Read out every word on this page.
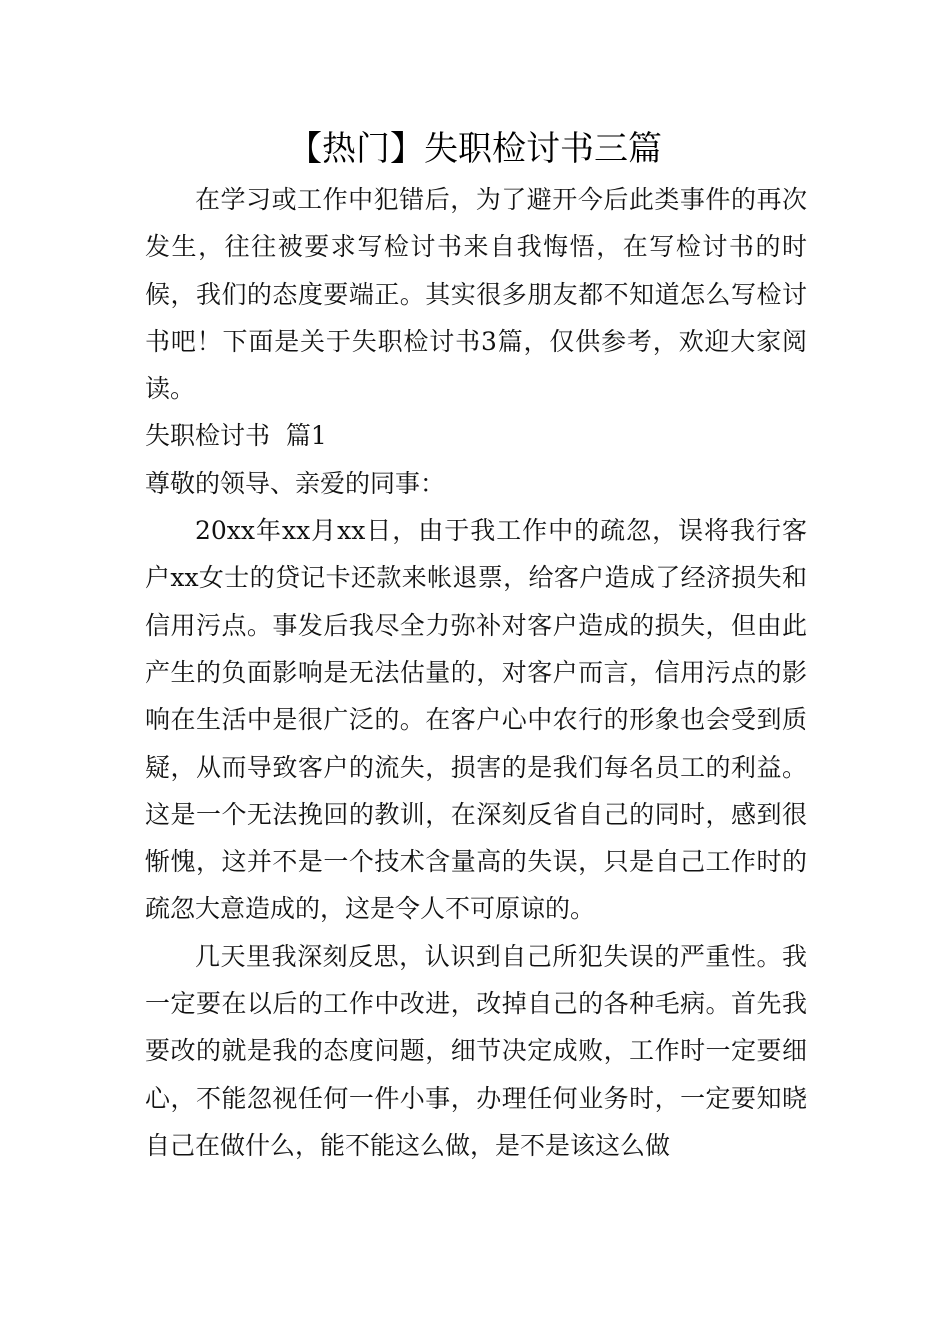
【热门】失职检讨书三篇

在学习或工作中犯错后，为了避开今后此类事件的再次发生，往往被要求写检讨书来自我悔悟，在写检讨书的时候，我们的态度要端正。其实很多朋友都不知道怎么写检讨书吧！下面是关于失职检讨书3篇，仅供参考，欢迎大家阅读。

失职检讨书  篇1

尊敬的领导、亲爱的同事：

20xx年xx月xx日，由于我工作中的疏忽，误将我行客户xx女士的贷记卡还款来帐退票，给客户造成了经济损失和信用污点。事发后我尽全力弥补对客户造成的损失，但由此产生的负面影响是无法估量的，对客户而言，信用污点的影响在生活中是很广泛的。在客户心中农行的形象也会受到质疑，从而导致客户的流失，损害的是我们每名员工的利益。这是一个无法挽回的教训，在深刻反省自己的同时，感到很惭愧，这并不是一个技术含量高的失误，只是自己工作时的疏忽大意造成的，这是令人不可原谅的。

几天里我深刻反思，认识到自己所犯失误的严重性。我一定要在以后的工作中改进，改掉自己的各种毛病。首先我要改的就是我的态度问题，细节决定成败，工作时一定要细心，不能忽视任何一件小事，办理任何业务时，一定要知晓自己在做什么，能不能这么做，是不是该这么做
